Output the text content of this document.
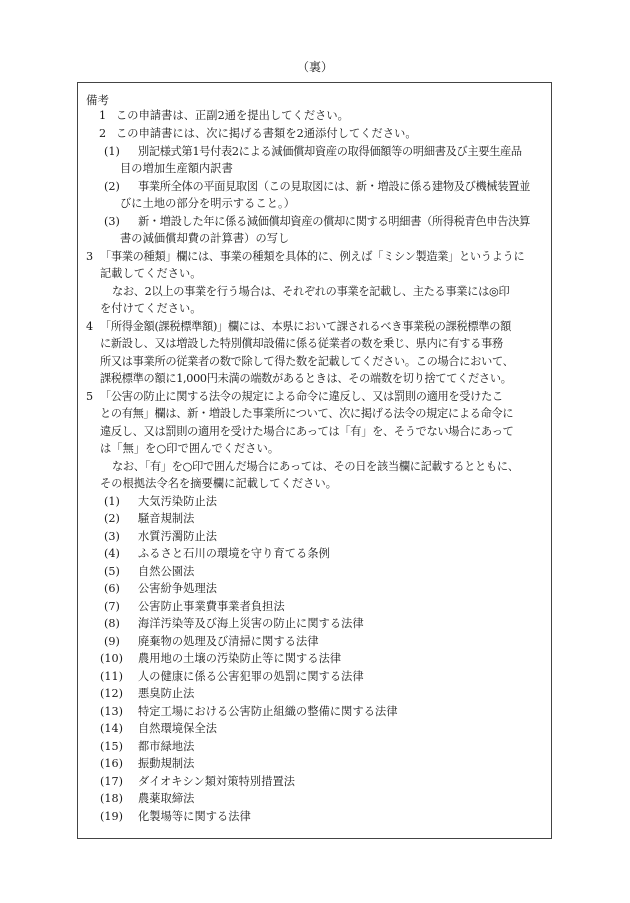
（裏）
備考
1 この申請書は、正副2通を提出してください。
2 この申請書には、次に掲げる書類を2通添付してください。
(1) 別記様式第1号付表2による減価償却資産の取得価額等の明細書及び主要生産品
目の増加生産額内訳書
(2) 事業所全体の平面見取図（この見取図には、新・増設に係る建物及び機械装置並
びに土地の部分を明示すること。）
(3) 新・増設した年に係る減価償却資産の償却に関する明細書（所得税青色申告決算
書の減価償却費の計算書）の写し
3 「事業の種類」欄には、事業の種類を具体的に、例えば「ミシン製造業」というように
記載してください。
なお、2以上の事業を行う場合は、それぞれの事業を記載し、主たる事業には◎印
を付けてください。
4 「所得金額(課税標準額)」欄には、本県において課されるべき事業税の課税標準の額
に新設し、又は増設した特別償却設備に係る従業者の数を乗じ、県内に有する事務
所又は事業所の従業者の数で除して得た数を記載してください。この場合において、
課税標準の額に1,000円未満の端数があるときは、その端数を切り捨ててください。
5 「公害の防止に関する法令の規定による命令に違反し、又は罰則の適用を受けたこ
との有無」欄は、新・増設した事業所について、次に掲げる法令の規定による命令に
違反し、又は罰則の適用を受けた場合にあっては「有」を、そうでない場合にあって
は「無」を○印で囲んでください。
なお、「有」を○印で囲んだ場合にあっては、その日を該当欄に記載するとともに、
その根拠法令名を摘要欄に記載してください。
(1) 大気汚染防止法
(2) 騒音規制法
(3) 水質汚濁防止法
(4) ふるさと石川の環境を守り育てる条例
(5) 自然公園法
(6) 公害紛争処理法
(7) 公害防止事業費事業者負担法
(8) 海洋汚染等及び海上災害の防止に関する法律
(9) 廃棄物の処理及び清掃に関する法律
(10) 農用地の土壌の汚染防止等に関する法律
(11) 人の健康に係る公害犯罪の処罰に関する法律
(12) 悪臭防止法
(13) 特定工場における公害防止組織の整備に関する法律
(14) 自然環境保全法
(15) 都市緑地法
(16) 振動規制法
(17) ダイオキシン類対策特別措置法
(18) 農薬取締法
(19) 化製場等に関する法律
